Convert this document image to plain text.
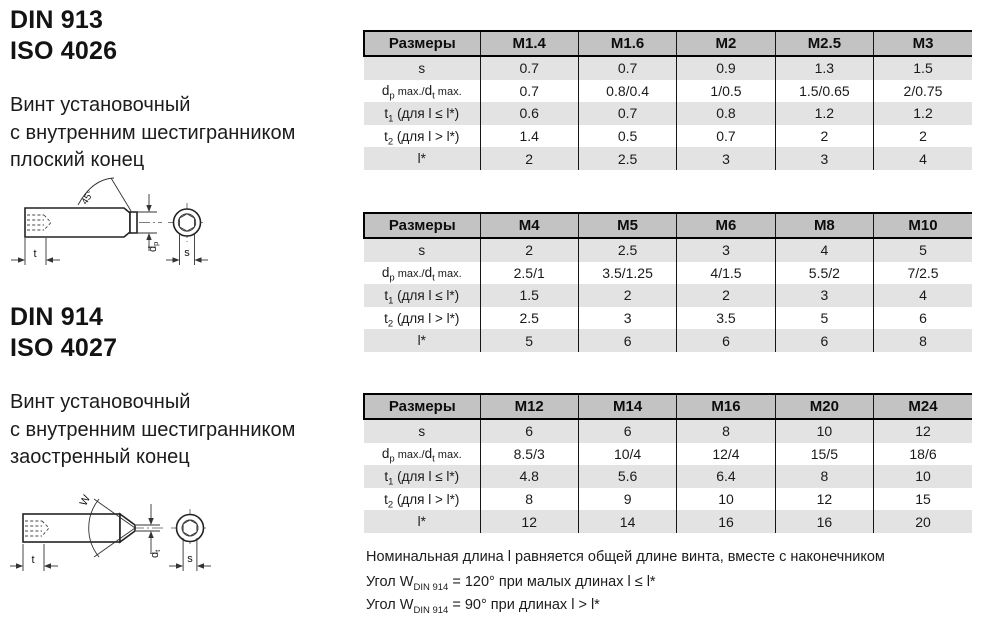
DIN 913
ISO 4026
Винт установочный
с внутренним шестигранником
плоский конец
45°
t	dp
s
DIN 914
ISO 4027
Винт установочный
с внутренним шестигранником
заостренный конец
W
t	dt
s
Размеры	M1.4	M1.6	M2	M2.5	M3
s	0.7	0.7	0.9	1.3	1.5
$d_p$ $\max./d_t$ max.	0.7	0.8/0.4	1/0.5	1.5/0.65	2/0.75
$t_1$ (для l ≤ l*)	0.6	0.7	0.8	1.2	1.2
$t_2$ (для l > l*)	1.4	0.5	0.7	2	2
l*	2	2.5	3	3	4
Размеры	M4	M5	M6	M8	M10
s	2	2.5	3	4	5
$d_p$ $\max./d_t$ max.	2.5/1	3.5/1.25	4/1.5	5.5/2	7/2.5
$t_1$ (для l ≤ l*)	1.5	2	2	3	4
$t_2$ (для l > l*)	2.5	3	3.5	5	6
l*	5	6	6	6	8
Размеры	M12	M14	M16	M20	M24
s	6	6	8	10	12
$d_p$ $\max./d_t$ max.	8.5/3	10/4	12/4	15/5	18/6
$t_1$ (для l ≤ l*)	4.8	5.6	6.4	8	10
$t_2$ (для l > l*)	8	9	10	12	15
l*	12	14	16	16	20

Номинальная длина l равняется общей длине винта, вместе с наконечником

Угол $W_{DIN 914} = 120^\circ$ при малых длинах l ≤ l*

Угол $W_{DIN 914} = 90^\circ$ при длинах l > l*
